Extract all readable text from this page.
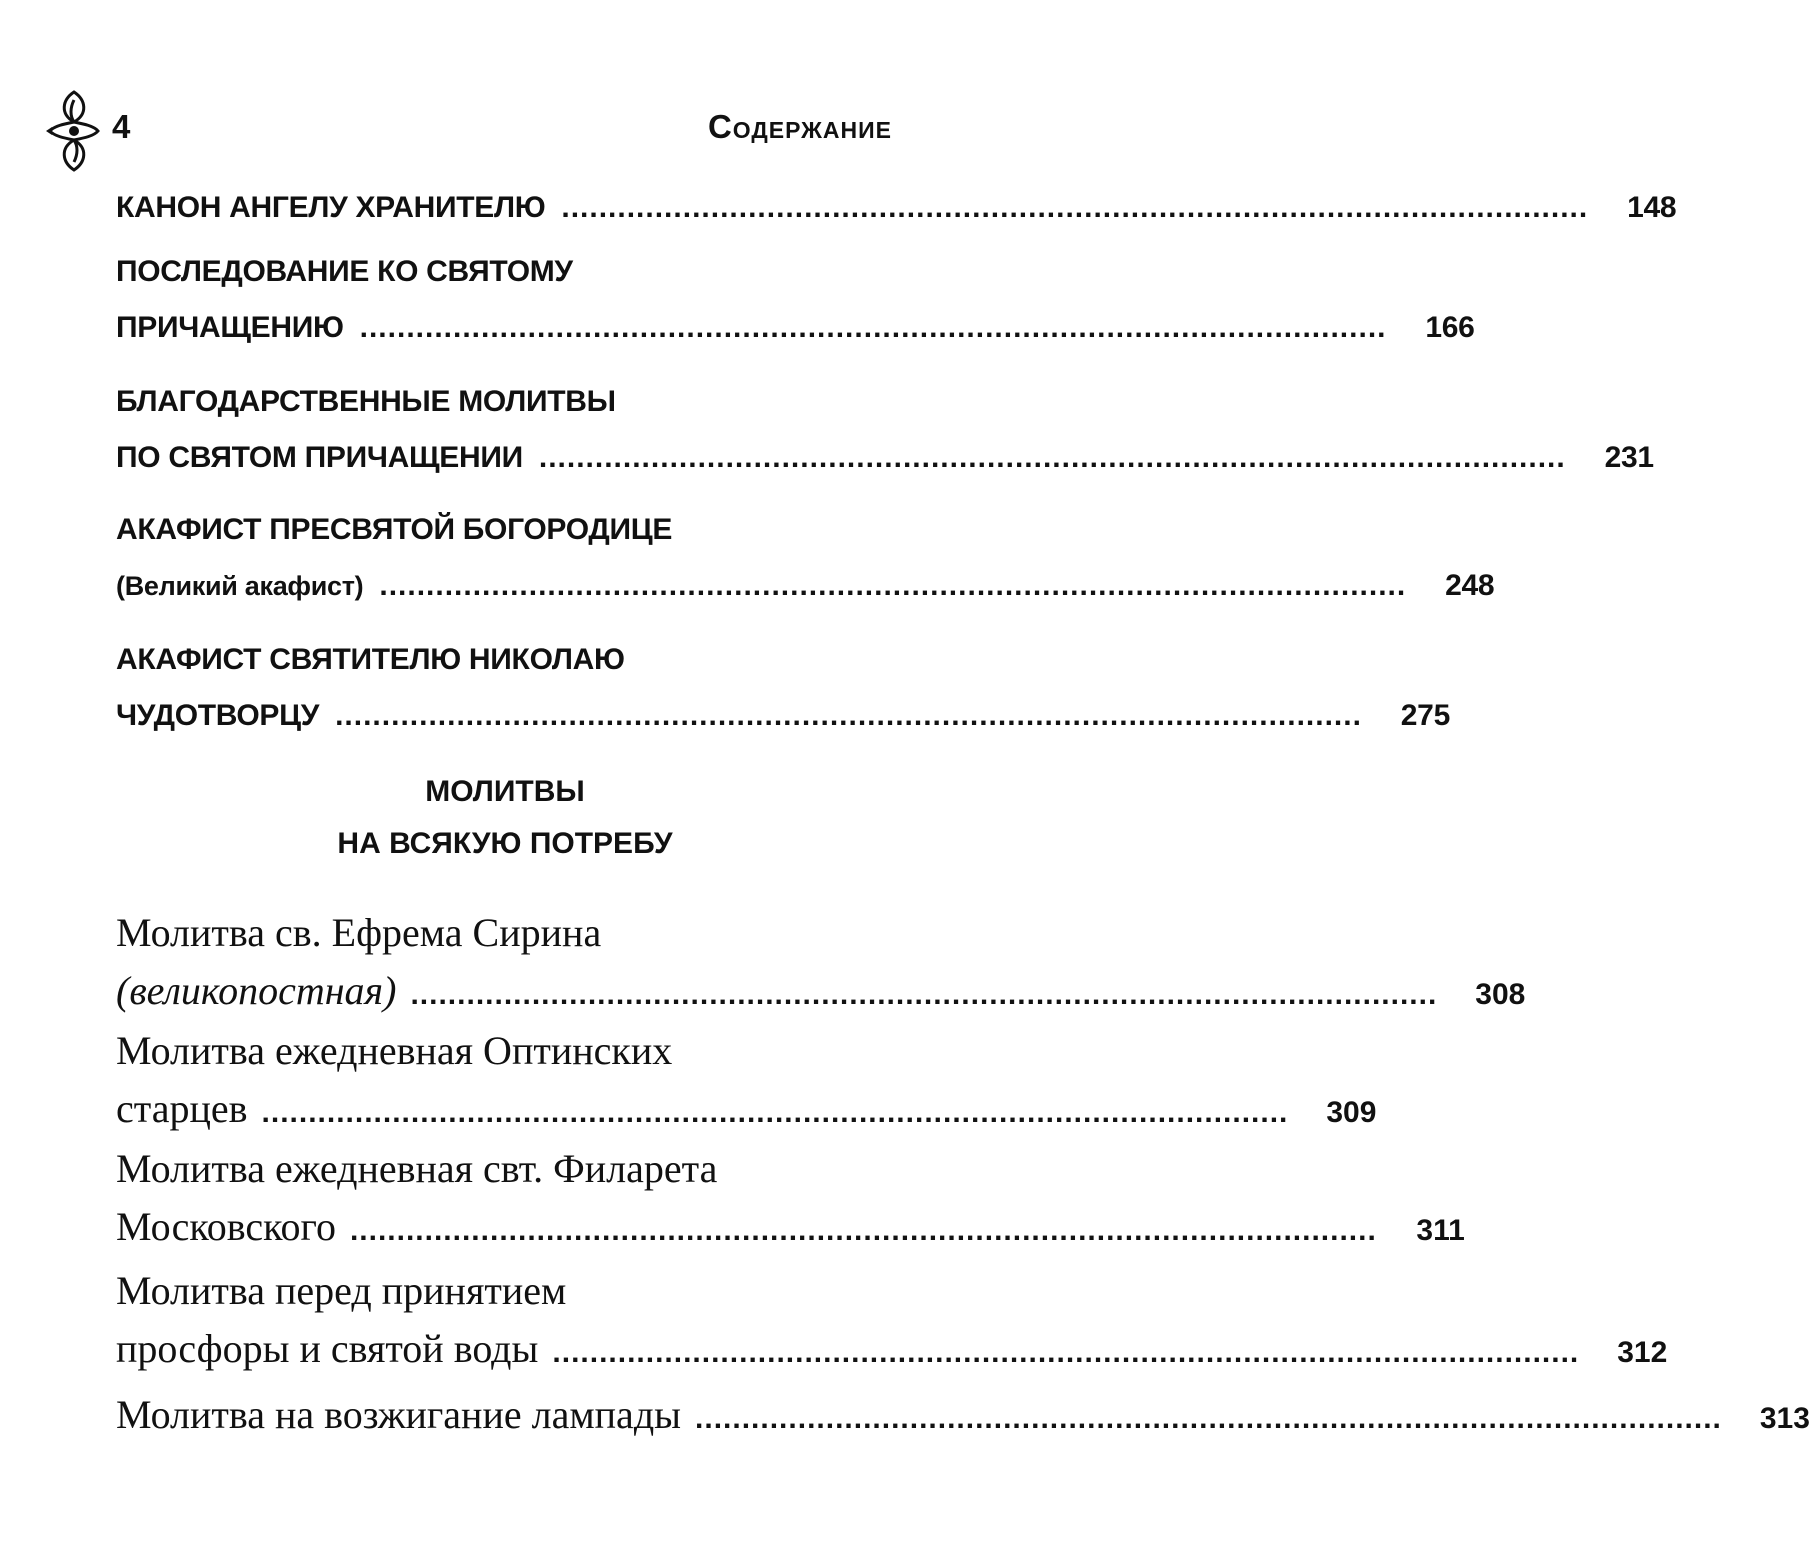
4	Содержание
КАНОН АНГЕЛУ ХРАНИТЕЛЮ ..............................................................................................................	148
ПОСЛЕДОВАНИЕ КО СВЯТОМУ
ПРИЧАЩЕНИЮ ..............................................................................................................	166
БЛАГОДАРСТВЕННЫЕ МОЛИТВЫ
ПО СВЯТОМ ПРИЧАЩЕНИИ ..............................................................................................................	231
АКАФИСТ ПРЕСВЯТОЙ БОГОРОДИЦЕ
(Великий акафист) ..............................................................................................................	248
АКАФИСТ СВЯТИТЕЛЮ НИКОЛАЮ
ЧУДОТВОРЦУ ..............................................................................................................	275
МОЛИТВЫ
НА ВСЯКУЮ ПОТРЕБУ
Молитва св. Ефрема Сирина
(великопостная) ..............................................................................................................	308
Молитва ежедневная Оптинских
старцев ..............................................................................................................	309
Молитва ежедневная свт. Филарета
Московского ..............................................................................................................	311
Молитва перед принятием
просфоры и святой воды ..............................................................................................................	312
Молитва на возжигание лампады ..............................................................................................................	313
